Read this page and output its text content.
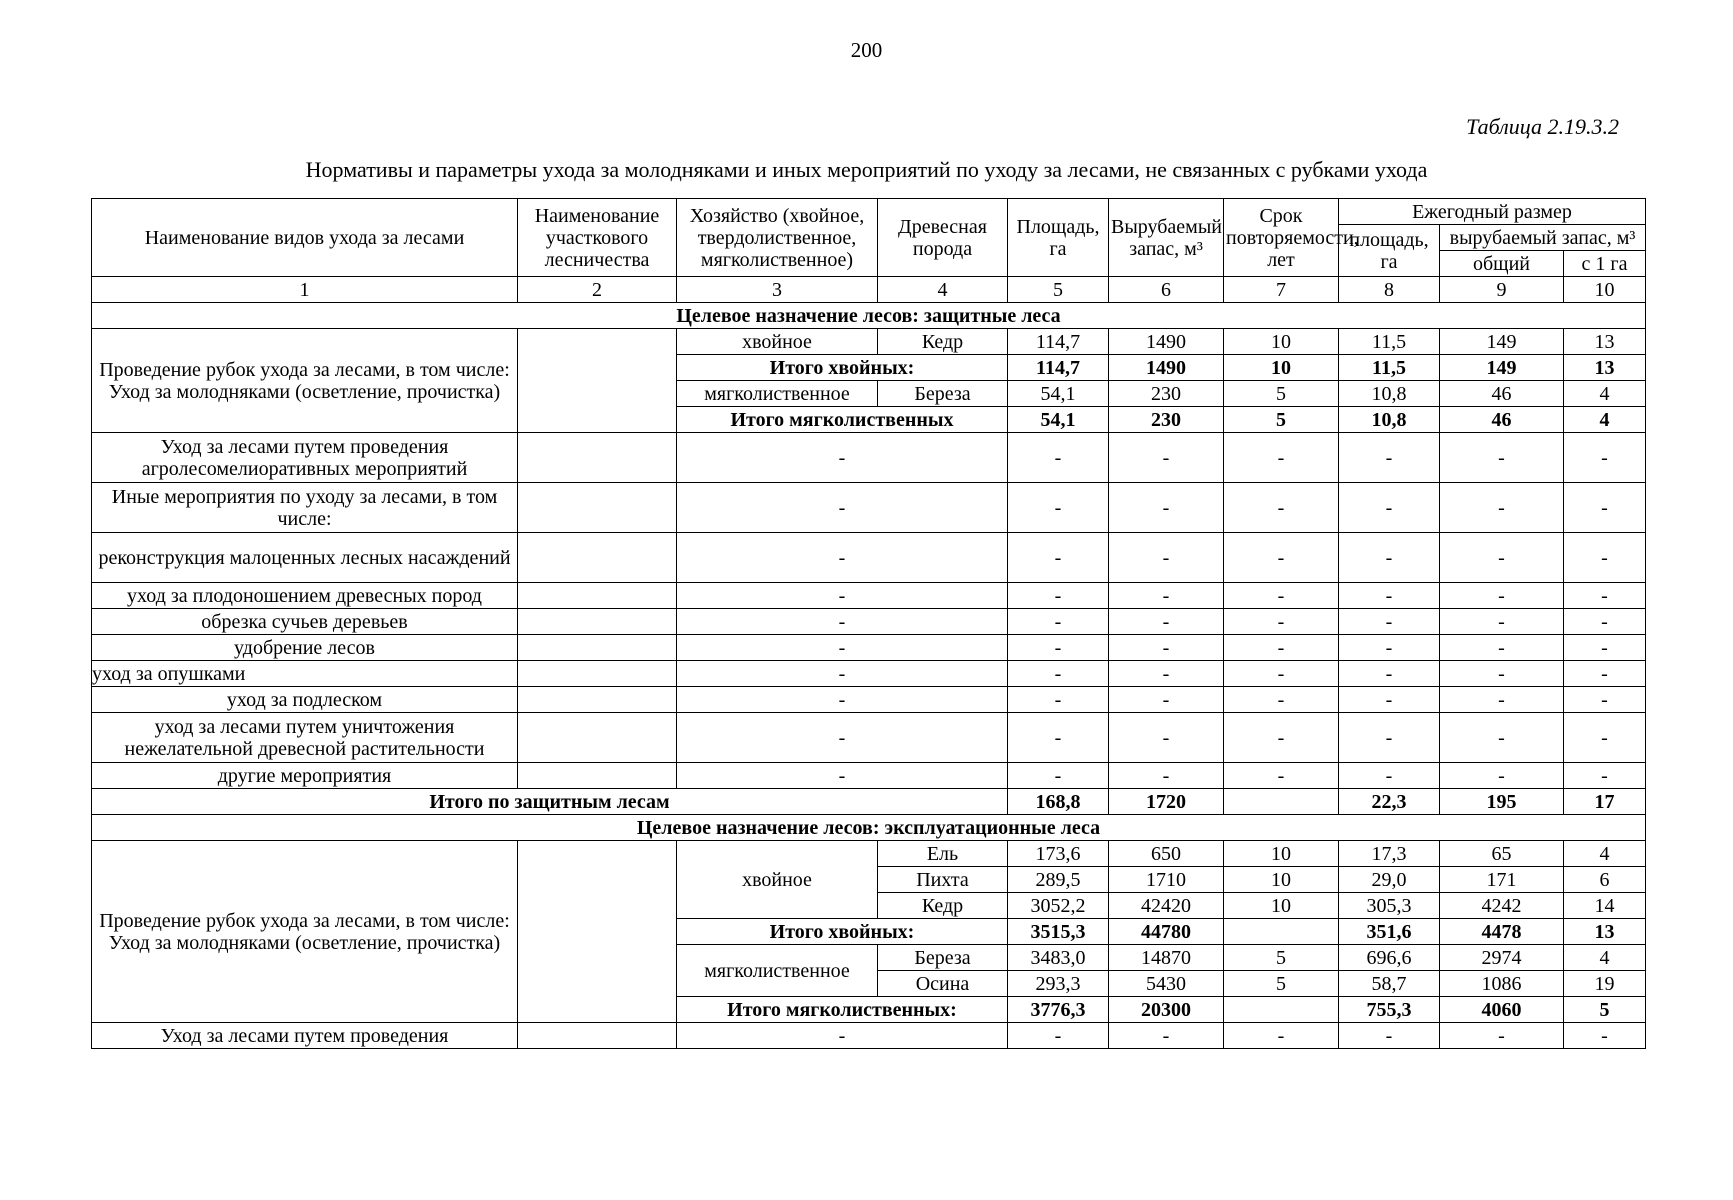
200
Таблица 2.19.3.2
Нормативы и параметры ухода за молодняками и иных мероприятий по уходу за лесами, не связанных с рубками ухода
Наименование видов ухода за лесами	Наименование участкового лесничества	Хозяйство (хвойное, твердолиственное, мягколиственное)	Древесная порода	Площадь, га	Вырубаемый запас, м³	Срок повторяемости, лет	Ежегодный размер		
							площадь, га	вырубаемый запас, м³	
								общий	с 1 га
1	2	3	4	5	6	7	8	9	10
Целевое назначение лесов: защитные леса									
Проведение рубок ухода за лесами, в том числе: Уход за молодняками (осветление, прочистка)		хвойное	Кедр	114,7	1490	10	11,5	149	13
		Итого хвойных:		114,7	1490	10	11,5	149	13
		мягколиственное	Береза	54,1	230	5	10,8	46	4
		Итого мягколиственных		54,1	230	5	10,8	46	4
Уход за лесами путем проведения агролесомелиоративных мероприятий		-		-	-	-	-	-	-
Иные мероприятия по уходу за лесами, в том числе:		-		-	-	-	-	-	-
реконструкция малоценных лесных насаждений		-		-	-	-	-	-	-
уход за плодоношением древесных пород		-		-	-	-	-	-	-
обрезка сучьев деревьев		-		-	-	-	-	-	-
удобрение лесов		-		-	-	-	-	-	-
уход за опушками		-		-	-	-	-	-	-
уход за подлеском		-		-	-	-	-	-	-
уход за лесами путем уничтожения нежелательной древесной растительности		-		-	-	-	-	-	-
другие мероприятия		-		-	-	-	-	-	-
Итого по защитным лесам				168,8	1720		22,3	195	17
Целевое назначение лесов: эксплуатационные леса									
Проведение рубок ухода за лесами, в том числе: Уход за молодняками (осветление, прочистка)		хвойное	Ель	173,6	650	10	17,3	65	4
			Пихта	289,5	1710	10	29,0	171	6
			Кедр	3052,2	42420	10	305,3	4242	14
		Итого хвойных:		3515,3	44780		351,6	4478	13
		мягколиственное	Береза	3483,0	14870	5	696,6	2974	4
			Осина	293,3	5430	5	58,7	1086	19
		Итого мягколиственных:		3776,3	20300		755,3	4060	5
Уход за лесами путем проведения		-		-	-	-	-	-	-
